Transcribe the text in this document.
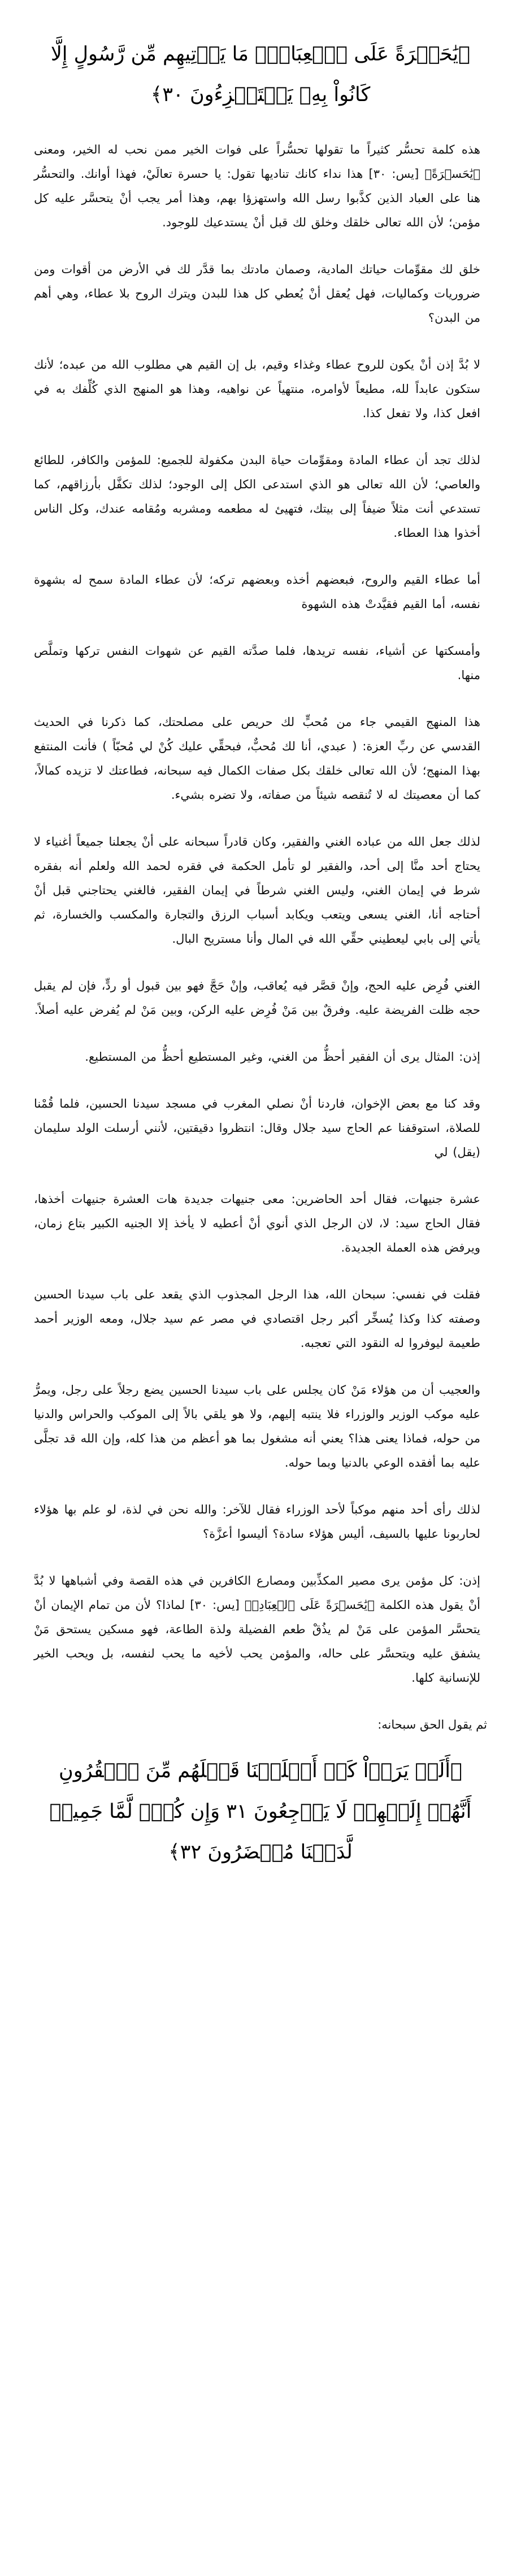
﴿يَٰحَسۡرَةً عَلَى ٱلۡعِبَادِۚ مَا يَأۡتِيهِم مِّن رَّسُولٍ إِلَّا كَانُواْ بِهِۦ يَسۡتَهۡزِءُونَ ٣٠﴾

هذه كلمة تحسُّر كثيراً ما تقولها تحسُّراً على فوات الخير ممن نحب له الخير، ومعنى ﴿يَٰحَسۡرَةً﴾ [يس: ٣٠] هذا نداء كانك تناديها تقول: يا حسرة تعالَيْ، فهذا أوانك. والتحسُّر هنا على العباد الذين كذَّبوا رسل الله واستهزؤا بهم، وهذا أمر يجب أنْ يتحسَّر عليه كل مؤمن؛ لأن الله تعالى خلقك وخلق لك قبل أنْ يستدعيك للوجود.

خلق لك مقوِّمات حياتك المادية، وصمان مادتك بما قدَّر لك في الأرض من أقوات ومن ضروريات وكماليات، فهل يُعقل أنْ يُعطي كل هذا للبدن ويترك الروح بلا عطاء، وهي أهم من البدن؟

لا بُدَّ إذن أنْ يكون للروح عطاء وغذاء وقيم، بل إن القيم هي مطلوب الله من عبده؛ لأنك ستكون عابداً لله، مطيعاً لأوامره، منتهياً عن نواهيه، وهذا هو المنهج الذي كُلِّفك به في افعل كذا، ولا تفعل كذا.

لذلك تجد أن عطاء المادة ومقوِّمات حياة البدن مكفولة للجميع: للمؤمن والكافر، للطائع والعاصي؛ لأن الله تعالى هو الذي استدعى الكل إلى الوجود؛ لذلك تكفَّل بأرزاقهم، كما تستدعي أنت مثلاً ضيفاً إلى بيتك، فتهيئ له مطعمه ومشربه ومُقامه عندك، وكل الناس أخذوا هذا العطاء.

أما عطاء القيم والروح، فبعضهم أخذه وبعضهم تركه؛ لأن عطاء المادة سمح له بشهوة نفسه، أما القيم فقيَّدتْ هذه الشهوة

وأمسكتها عن أشياء، نفسه تريدها، فلما صدَّته القيم عن شهوات النفس تركها وتملَّص منها.

هذا المنهج القيمي جاء من مُحبٍّ لك حريص على مصلحتك، كما ذكرنا في الحديث القدسي عن ربِّ العزة: ( عبدي، أنا لك مُحبٌّ، فبحقِّي عليك كُنْ لي مُحبّاً ) فأنت المنتفع بهذا المنهج؛ لأن الله تعالى خلقك بكل صفات الكمال فيه سبحانه، فطاعتك لا تزيده كمالاً، كما أن معصيتك له لا تُنقصه شيئاً من صفاته، ولا تضره بشيء.

لذلك جعل الله من عباده الغني والفقير، وكان قادراً سبحانه على أنْ يجعلنا جميعاً أغنياء لا يحتاج أحد منَّا إلى أحد، والفقير لو تأمل الحكمة في فقره لحمد الله ولعلم أنه بفقره شرط في إيمان الغني، وليس الغني شرطاً في إيمان الفقير، فالغني يحتاجني قبل أنْ أحتاجه أنا، الغني يسعى ويتعب ويكابد أسباب الرزق والتجارة والمكسب والخسارة، ثم يأتي إلى بابي ليعطيني حقِّي الله في المال وأنا مستريح البال.

الغني فُرِض عليه الحج، وإنْ قصَّر فيه يُعاقب، وإنْ حَجَّ فهو بين قبول أو ردٍّ، فإن لم يقبل حجه ظلت الفريضة عليه. وفرقٌ بين مَنْ فُرِض عليه الركن، وبين مَنْ لم يُفرض عليه أصلاً.

إذن: المثال يرى أن الفقير أحظُّ من الغني، وغير المستطيع أحظُّ من المستطيع.

وقد كنا مع بعض الإخوان، فاردنا أنْ نصلي المغرب في مسجد سيدنا الحسين، فلما قُمْنا للصلاة، استوقفنا عم الحاج سيد جلال وقال: انتظروا دقيقتين، لأنني أرسلت الولد سليمان (يقل) لي

عشرة جنيهات، فقال أحد الحاضرين: معى جنيهات جديدة هات العشرة جنيهات أخذها، فقال الحاج سيد: لا، لان الرجل الذي أنوي أنْ أعطيه لا يأخذ إلا الجنيه الكبير بتاع زمان، ويرفض هذه العملة الجديدة.

فقلت في نفسي: سبحان الله، هذا الرجل المجذوب الذي يقعد على باب سيدنا الحسين وصفته كذا وكذا يُسخِّر أكبر رجل اقتصادي في مصر عم سيد جلال، ومعه الوزير أحمد طعيمة ليوفروا له النقود التي تعجبه.

والعجيب أن من هؤلاء مَنْ كان يجلس على باب سيدنا الحسين يضع رجلاً على رجل، ويمرُّ عليه موكب الوزير والوزراء فلا ينتبه إليهم، ولا هو يلقي بالاً إلى الموكب والحراس والدنيا من حوله، فماذا يعنى هذا؟ يعني أنه مشغول بما هو أعظم من هذا كله، وإن الله قد تجلَّى عليه بما أفقده الوعي بالدنيا وبما حوله.

لذلك رأى أحد منهم موكباً لأحد الوزراء فقال للآخر: والله نحن في لذة، لو علم بها هؤلاء لحاربونا عليها بالسيف، أليس هؤلاء سادة؟ أليسوا أعزَّة؟

إذن: كل مؤمن يرى مصير المكذِّبين ومصارع الكافرين في هذه القصة وفي أشباهها لا بُدَّ أنْ يقول هذه الكلمة ﴿يَٰحَسۡرَةً عَلَى ٱلۡعِبَادِۚ﴾ [يس: ٣٠] لماذا؟ لأن من تمام الإيمان أنْ يتحسَّر المؤمن على مَنْ لم يذُقْ طعم الفضيلة ولذة الطاعة، فهو مسكين يستحق مَنْ يشفق عليه ويتحسَّر على حاله، والمؤمن يحب لأخيه ما يحب لنفسه، بل ويحب الخير للإنسانية كلها.

ثم يقول الحق سبحانه:
﴿أَلَمۡ يَرَوۡاْ كَمۡ أَهۡلَكۡنَا قَبۡلَهُم مِّنَ ٱلۡقُرُونِ أَنَّهُمۡ إِلَيۡهِمۡ لَا يَرۡجِعُونَ ٣١ وَإِن كُلّٞ لَّمَّا جَمِيعٞ لَّدَيۡنَا مُحۡضَرُونَ ٣٢﴾
